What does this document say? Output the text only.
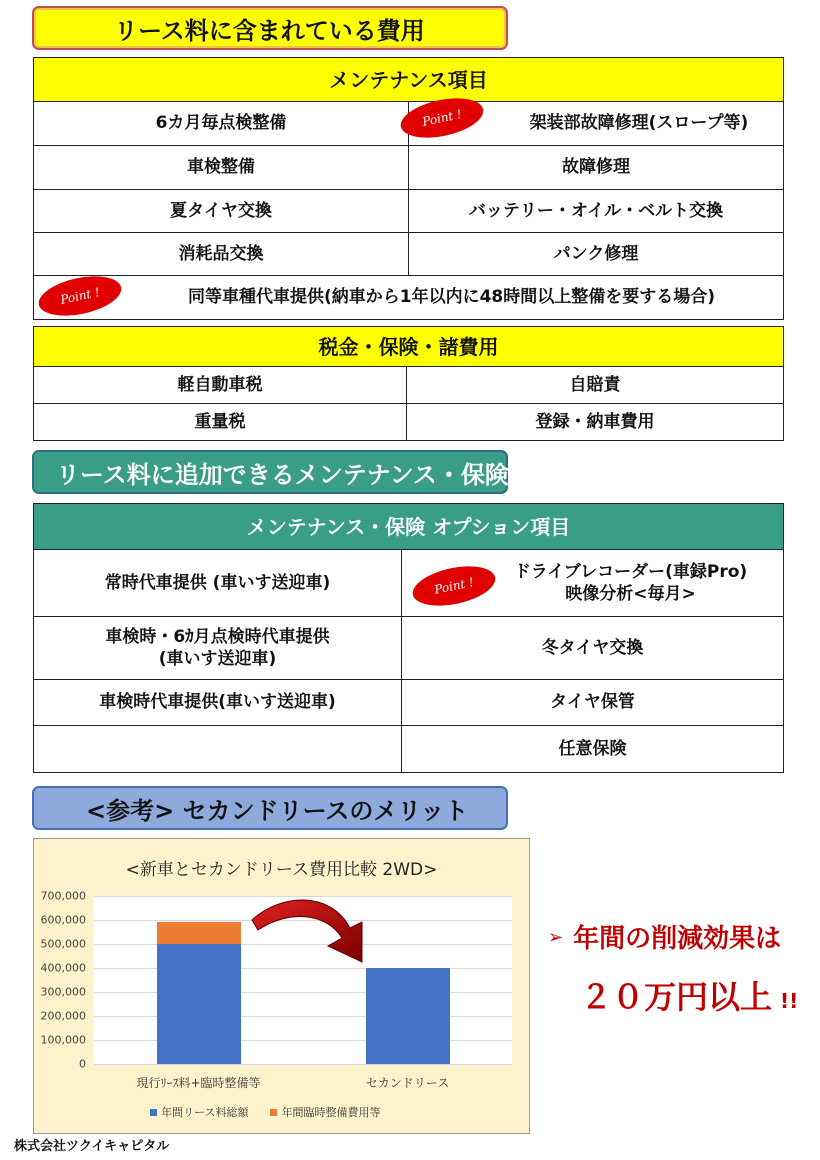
リース料に含まれている費用
メンテナンス項目	
6カ月毎点検整備	架装部故障修理(スロープ等)
車検整備	故障修理
夏タイヤ交換	バッテリー・オイル・ベルト交換
消耗品交換	パンク修理
同等車種代車提供(納車から1年以内に48時間以上整備を要する場合)	
Point !
Point !
税金・保険・諸費用	
軽自動車税	自賠責
重量税	登録・納車費用
リース料に追加できるメンテナンス・保険
メンテナンス・保険 オプション項目	
常時代車提供 (車いす送迎車)	ドライブレコーダー(車録Pro)
映像分析<毎月>

車検時・6ｶ月点検時代車提供
(車いす送迎車)	冬タイヤ交換
車検時代車提供(車いす送迎車)	タイヤ保管
	任意保険
Point !
<参考> セカンドリースのメリット
<新車とセカンドリース費用比較 2WD>
0
100,000
200,000
300,000
400,000
500,000
600,000
700,000
現行ﾘｰｽ料+臨時整備等	セカンドリース
年間リース料総額	年間臨時整備費用等
➢ 年間の削減効果は
２０万円以上 !!
株式会社ツクイキャピタル
